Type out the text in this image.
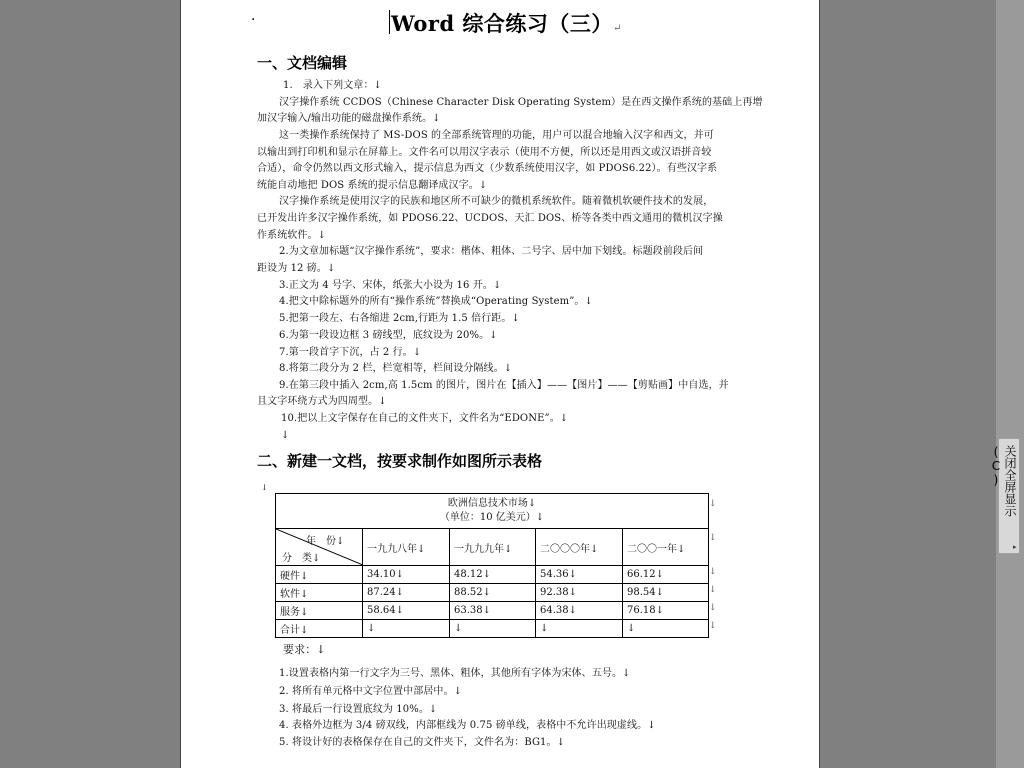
·	Word 综合练习（三）↵
一、文档编辑
1.　录入下列文章：↓
汉字操作系统 CCDOS（Chinese Character Disk Operating System）是在西文操作系统的基础上再增
加汉字输入/输出功能的磁盘操作系统。↓
这一类操作系统保持了 MS-DOS 的全部系统管理的功能，用户可以混合地输入汉字和西文，并可
以输出到打印机和显示在屏幕上。文件名可以用汉字表示（使用不方便，所以还是用西文或汉语拼音较
合适），命令仍然以西文形式输入，提示信息为西文（少数系统使用汉字，如 PDOS6.22）。有些汉字系
统能自动地把 DOS 系统的提示信息翻译成汉字。↓
汉字操作系统是使用汉字的民族和地区所不可缺少的微机系统软件。随着微机软硬件技术的发展，
已开发出许多汉字操作系统，如 PDOS6.22、UCDOS、天汇 DOS、桥等各类中西文通用的微机汉字操
作系统软件。↓
2.为文章加标题“汉字操作系统”，要求：楷体、粗体、二号字、居中加下划线。标题段前段后间
距设为 12 磅。↓
3.正文为 4 号字、宋体，纸张大小设为 16 开。↓
4.把文中除标题外的所有“操作系统”替换成“Operating System”。↓
5.把第一段左、右各缩进 2cm,行距为 1.5 倍行距。↓
6.为第一段设边框 3 磅线型，底纹设为 20%。↓
7.第一段首字下沉，占 2 行。↓
8.将第二段分为 2 栏，栏宽相等，栏间设分隔线。↓
9.在第三段中插入 2cm,高 1.5cm 的图片，图片在【插入】——【图片】——【剪贴画】中自选，并
且文字环绕方式为四周型。↓
10.把以上文字保存在自己的文件夹下，文件名为“EDONE”。↓
↓
二、新建一文档，按要求制作如图所示表格
↓
欧洲信息技术市场↓
（单位：10 亿美元）↓				

年　份↓
分　类↓	一九九八年↓	一九九九年↓	二〇〇〇年↓	二〇〇一年↓
硬件↓	34.10↓	48.12↓	54.36↓	66.12↓
软件↓	87.24↓	88.52↓	92.38↓	98.54↓
服务↓	58.64↓	63.38↓	64.38↓	76.18↓
合计↓	↓	↓	↓	↓
↓
↓
↓
↓
↓
↓
要求：↓
1.设置表格内第一行文字为三号、黑体、粗体，其他所有字体为宋体、五号。↓
2. 将所有单元格中文字位置中部居中。↓
3. 将最后一行设置底纹为 10%。↓
4. 表格外边框为 3/4 磅双线，内部框线为 0.75 磅单线，表格中不允许出现虚线。↓
5. 将设计好的表格保存在自己的文件夹下，文件名为：BG1。↓
关闭全屏显示(C)
▸
